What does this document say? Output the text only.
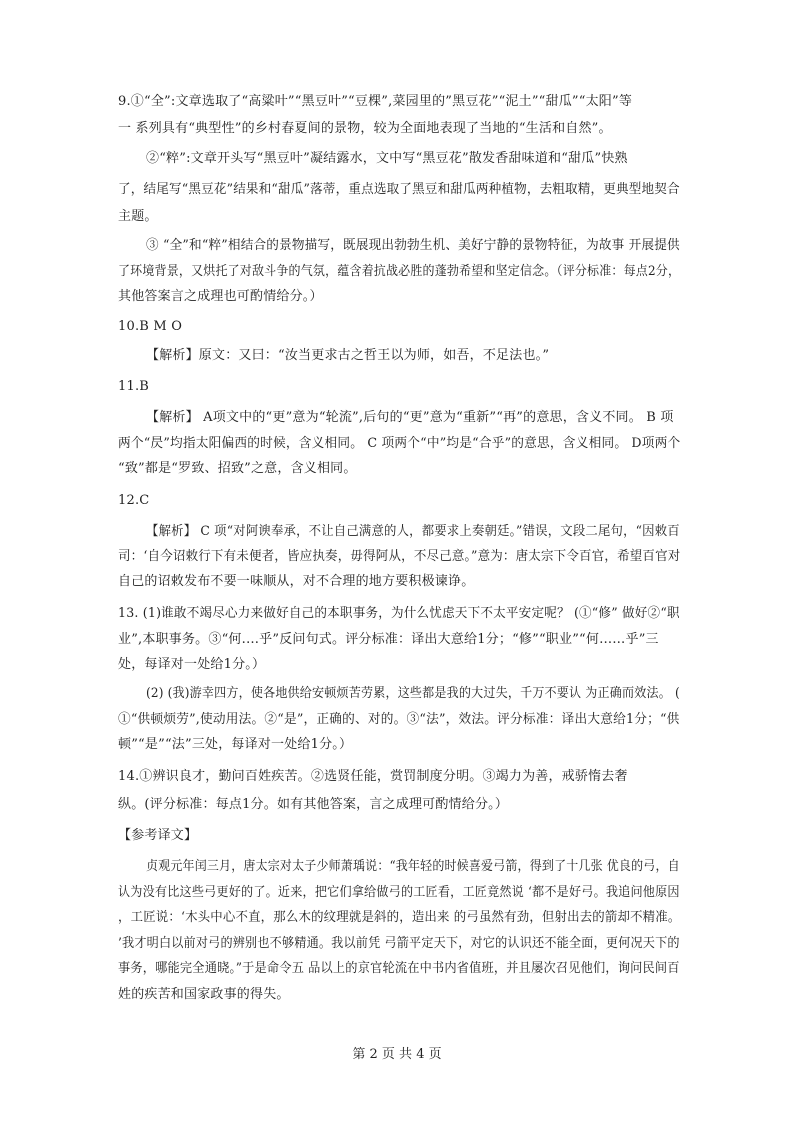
9.①“全”:文章选取了“高粱叶”“黑豆叶”“豆棵”,菜园里的”黑豆花”“泥土”“甜瓜”“太阳”等
一 系列具有“典型性”的乡村春夏间的景物，较为全面地表现了当地的“生活和自然”。
②“粹”:文章开头写“黑豆叶”凝结露水，文中写“黑豆花”散发香甜味道和“甜瓜”快熟
了，结尾写“黑豆花”结果和“甜瓜”落蒂，重点选取了黑豆和甜瓜两种植物，去粗取精，更典型地契合
主题。
③ “全”和“粹”相结合的景物描写，既展现出勃勃生机、美好宁静的景物特征，为故事 开展提供
了环境背景，又烘托了对敌斗争的气氛，蕴含着抗战必胜的蓬勃希望和坚定信念。（评分标准：每点2分，
其他答案言之成理也可酌情给分。）
10.B M O
【解析】原文：又曰：“汝当更求古之哲王以为师，如吾，不足法也。”
11.B
【解析】 A项文中的“更”意为“轮流”,后句的“更”意为“重新”“再”的意思，含义不同。 B 项
两个“昃”均指太阳偏西的时候，含义相同。 C 项两个“中”均是“合乎”的意思，含义相同。 D项两个
“致”都是“罗致、招致”之意，含义相同。
12.C
【解析】 C 项“对阿谀奉承，不让自己满意的人，都要求上奏朝廷。”错误，文段二尾句，“因敕百
司：‘自今诏敕行下有未便者，皆应执奏，毋得阿从，不尽己意。”意为：唐太宗下令百官，希望百官对
自己的诏敕发布不要一味顺从，对不合理的地方要积极谏诤。
13. (1)谁敢不竭尽心力来做好自己的本职事务，为什么忧虑天下不太平安定呢？ (①“修” 做好②“职
业”,本职事务。③“何.…乎”反问句式。评分标准：译出大意给1分；“修”“职业”“何……乎”三
处，每译对一处给1分。）
(2) (我)游幸四方，使各地供给安顿烦苦劳累，这些都是我的大过失，千万不要认 为正确而效法。 (
①“供顿烦劳”,使动用法。②“是”，正确的、对的。③“法”，效法。评分标准：译出大意给1分；“供
顿”“是”“法”三处，每译对一处给1分。）
14.①辨识良才，勤问百姓疾苦。②选贤任能，赏罚制度分明。③竭力为善，戒骄惰去奢
纵。(评分标准：每点1分。如有其他答案，言之成理可酌情给分。）
【参考译文】
贞观元年闰三月，唐太宗对太子少师萧瑀说：“我年轻的时候喜爱弓箭，得到了十几张 优良的弓，自
认为没有比这些弓更好的了。近来，把它们拿给做弓的工匠看，工匠竟然说 ‘都不是好弓。我追问他原因
，工匠说：‘木头中心不直，那么木的纹理就是斜的，造出来 的弓虽然有劲，但射出去的箭却不精准。
’我才明白以前对弓的辨别也不够精通。我以前凭 弓箭平定天下，对它的认识还不能全面，更何况天下的
事务，哪能完全通晓。”于是命令五 品以上的京官轮流在中书内省值班，并且屡次召见他们，询问民间百
姓的疾苦和国家政事的得失。
第 2 页 共 4 页
